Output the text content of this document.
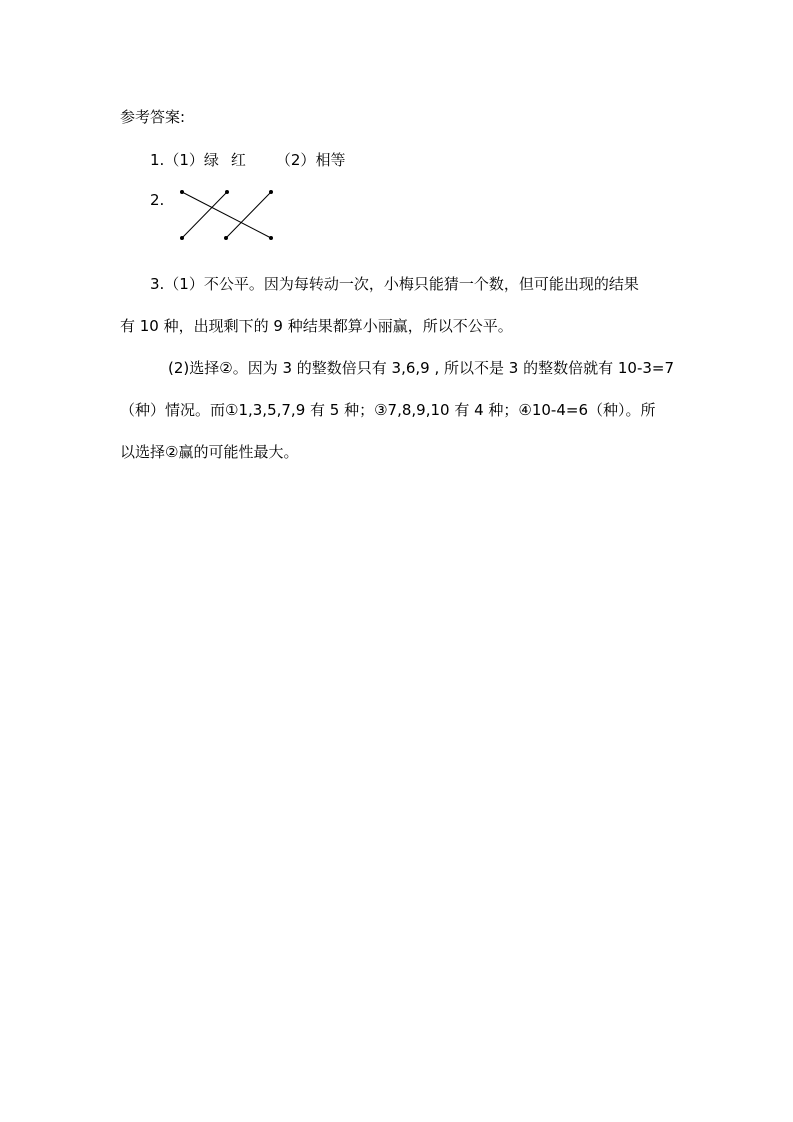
参考答案:
1.（1）绿 红 （2）相等
2.
3.（1）不公平。因为每转动一次，小梅只能猜一个数，但可能出现的结果
有 10 种，出现剩下的 9 种结果都算小丽赢，所以不公平。
(2)选择②。因为 3 的整数倍只有 3,6,9 , 所以不是 3 的整数倍就有 10-3=7
（种）情况。而①1,3,5,7,9 有 5 种；③7,8,9,10 有 4 种；④10-4=6（种）。所
以选择②赢的可能性最大。
